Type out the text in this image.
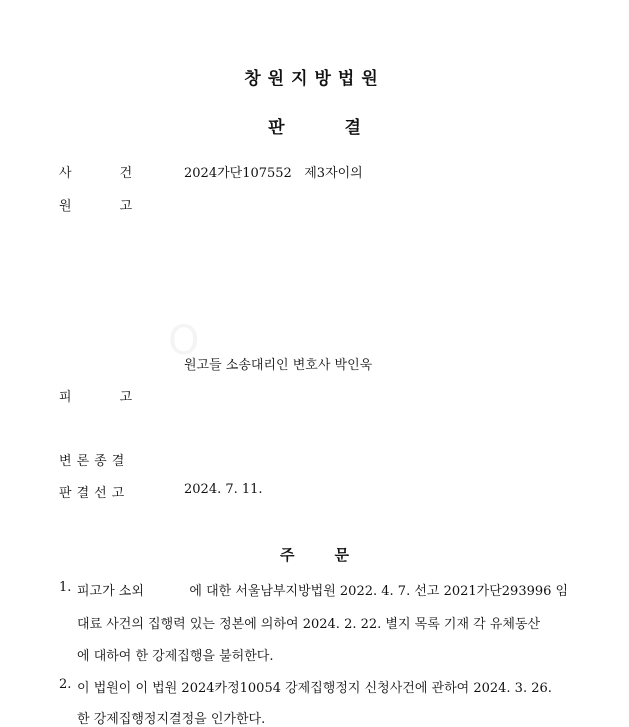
창원지방법원
판	결
사	건	2024가단107552 제3자이의
원	고
원고들 소송대리인 변호사 박인욱
피	고
변 론 종 결
판 결 선 고	2024. 7. 11.
주	문
1. 피고가 소외           에 대한 서울남부지방법원 2022. 4. 7. 선고 2021가단293996 임
대료 사건의 집행력 있는 정본에 의하여 2024. 2. 22. 별지 목록 기재 각 유체동산
에 대하여 한 강제집행을 불허한다.
2. 이 법원이 이 법원 2024카정10054 강제집행정지 신청사건에 관하여 2024. 3. 26.
한 강제집행정지결정을 인가한다.
